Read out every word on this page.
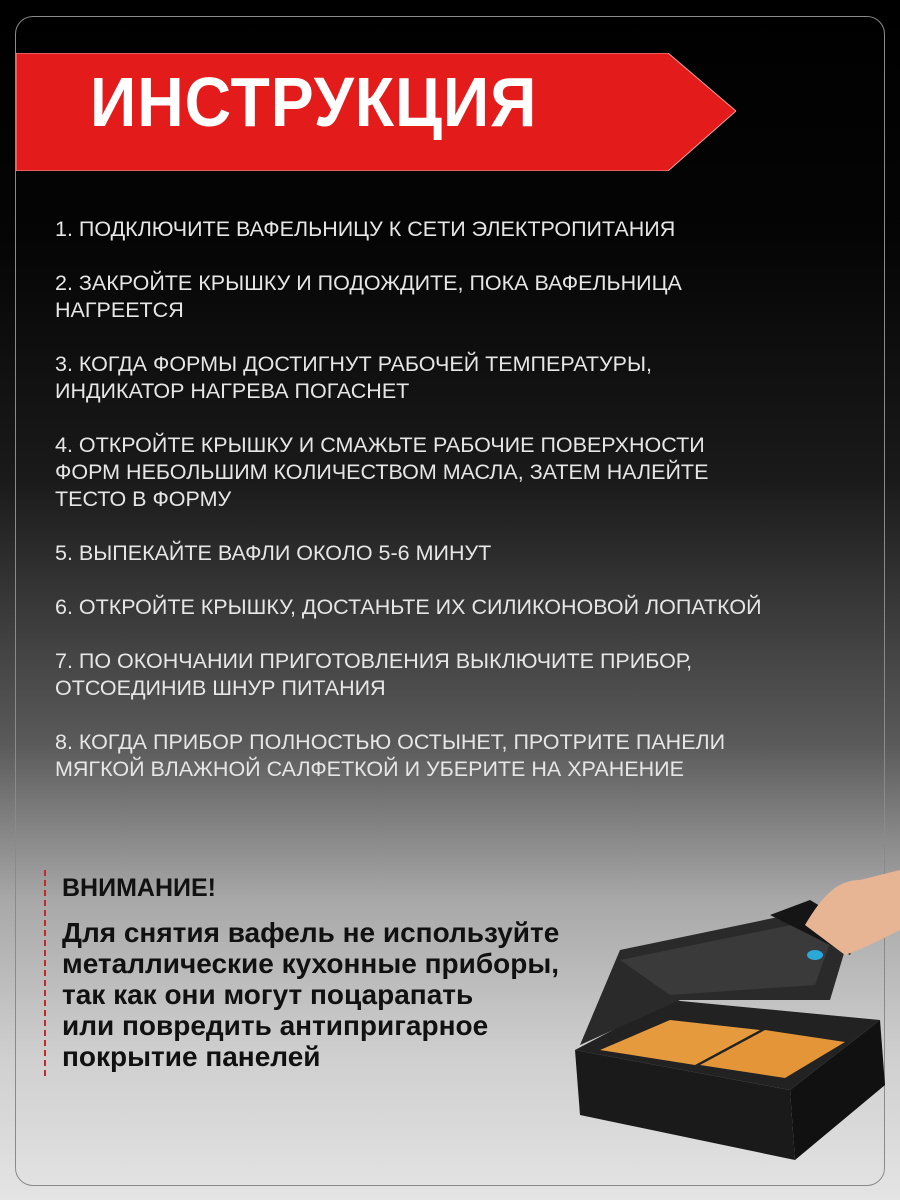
ИНСТРУКЦИЯ
1. ПОДКЛЮЧИТЕ ВАФЕЛЬНИЦУ К СЕТИ ЭЛЕКТРОПИТАНИЯ
2. ЗАКРОЙТЕ КРЫШКУ И ПОДОЖДИТЕ, ПОКА ВАФЕЛЬНИЦА
НАГРЕЕТСЯ
3. КОГДА ФОРМЫ ДОСТИГНУТ РАБОЧЕЙ ТЕМПЕРАТУРЫ,
ИНДИКАТОР НАГРЕВА ПОГАСНЕТ
4. ОТКРОЙТЕ КРЫШКУ И СМАЖЬТЕ РАБОЧИЕ ПОВЕРХНОСТИ
ФОРМ НЕБОЛЬШИМ КОЛИЧЕСТВОМ МАСЛА, ЗАТЕМ НАЛЕЙТЕ
ТЕСТО В ФОРМУ
5. ВЫПЕКАЙТЕ ВАФЛИ ОКОЛО 5-6 МИНУТ
6. ОТКРОЙТЕ КРЫШКУ, ДОСТАНЬТЕ ИХ СИЛИКОНОВОЙ ЛОПАТКОЙ
7. ПО ОКОНЧАНИИ ПРИГОТОВЛЕНИЯ ВЫКЛЮЧИТЕ ПРИБОР,
ОТСОЕДИНИВ ШНУР ПИТАНИЯ
8. КОГДА ПРИБОР ПОЛНОСТЬЮ ОСТЫНЕТ, ПРОТРИТЕ ПАНЕЛИ
МЯГКОЙ ВЛАЖНОЙ САЛФЕТКОЙ И УБЕРИТЕ НА ХРАНЕНИЕ
ВНИМАНИЕ!
Для снятия вафель не используйте
металлические кухонные приборы,
так как они могут поцарапать
или повредить антипригарное
покрытие панелей
